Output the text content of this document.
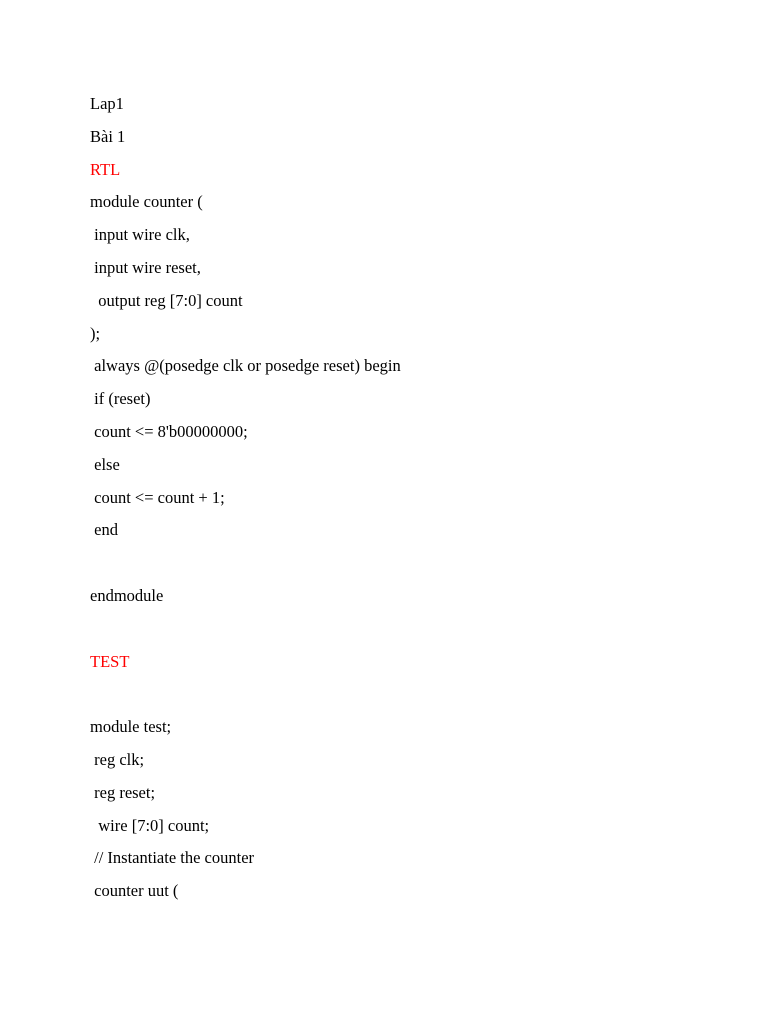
Lap1
Bài 1
RTL
module counter (
input wire clk,
input wire reset,
output reg [7:0] count
);
always @(posedge clk or posedge reset) begin
if (reset)
count <= 8'b00000000;
else
count <= count + 1;
end
endmodule
TEST
module test;
reg clk;
reg reset;
wire [7:0] count;
// Instantiate the counter
counter uut (
